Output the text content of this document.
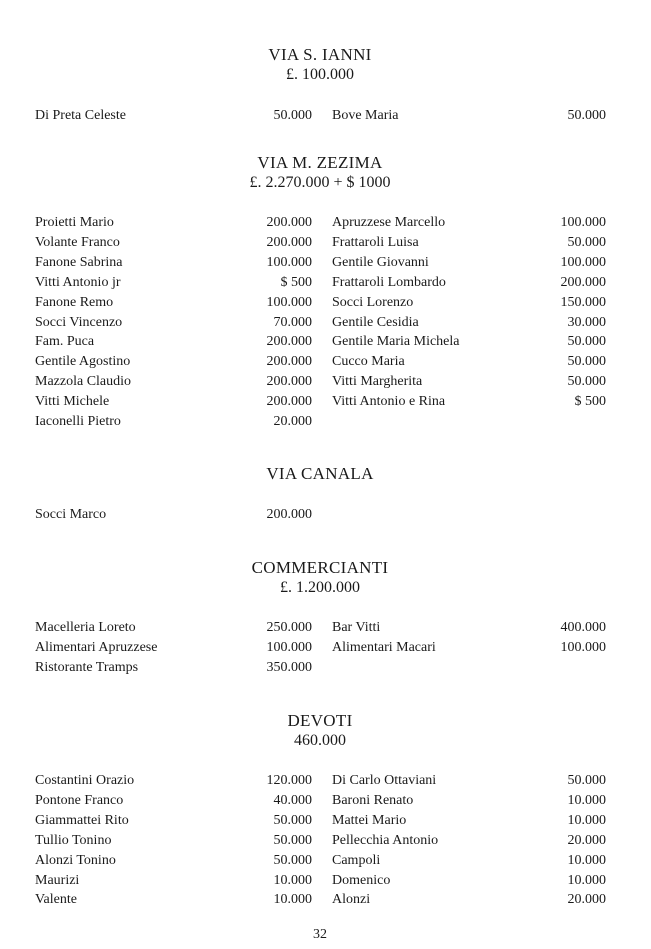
VIA S. IANNI
£. 100.000
Di Preta Celeste	50.000 Bove Maria	50.000
VIA M. ZEZIMA
£. 2.270.000 + $ 1000
Proietti Mario	200.000 Apruzzese Marcello	100.000
Volante Franco	200.000 Frattaroli Luisa	50.000
Fanone Sabrina	100.000 Gentile Giovanni	100.000
Vitti Antonio jr	$ 500 Frattaroli Lombardo	200.000
Fanone Remo	100.000 Socci Lorenzo	150.000
Socci Vincenzo	70.000 Gentile Cesidia	30.000
Fam. Puca	200.000 Gentile Maria Michela	50.000
Gentile Agostino	200.000 Cucco Maria	50.000
Mazzola Claudio	200.000 Vitti Margherita	50.000
Vitti Michele	200.000 Vitti Antonio e Rina	$ 500
Iaconelli Pietro	20.000
VIA CANALA
Socci Marco	200.000
COMMERCIANTI
£. 1.200.000
Macelleria Loreto	250.000 Bar Vitti	400.000
Alimentari Apruzzese	100.000 Alimentari Macari	100.000
Ristorante Tramps	350.000
DEVOTI
460.000
Costantini Orazio	120.000 Di Carlo Ottaviani	50.000
Pontone Franco	40.000 Baroni Renato	10.000
Giammattei Rito	50.000 Mattei Mario	10.000
Tullio Tonino	50.000 Pellecchia Antonio	20.000
Alonzi Tonino	50.000 Campoli	10.000
Maurizi	10.000 Domenico	10.000
Valente	10.000 Alonzi	20.000
32
